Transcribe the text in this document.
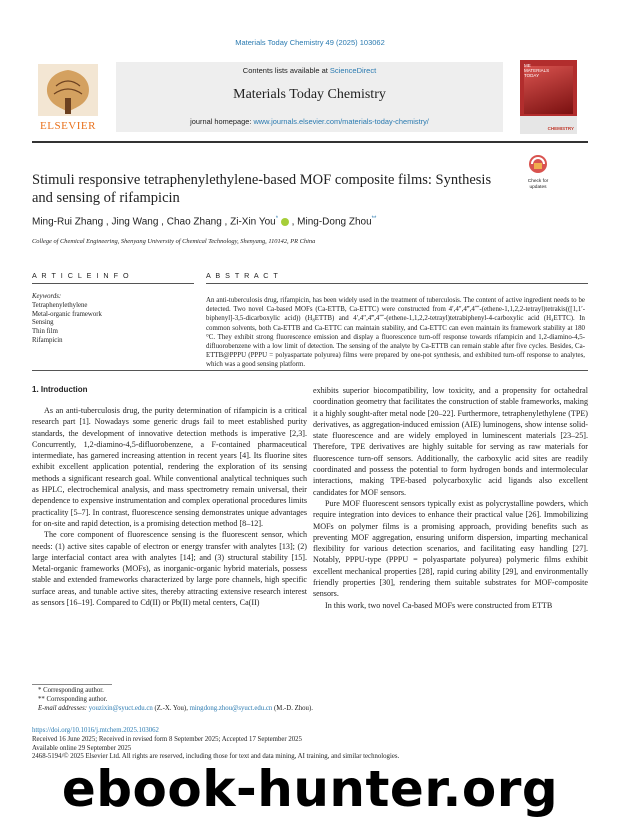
Materials Today Chemistry 49 (2025) 103062
ELSEVIER
Contents lists available at ScienceDirect
Materials Today Chemistry
journal homepage: www.journals.elsevier.com/materials-today-chemistry/
ME
MATERIALS
TODAY
CHEMISTRY
Check for
updates
Stimuli responsive tetraphenylethylene-based MOF composite films: Synthesis and sensing of rifampicin
Ming-Rui Zhang , Jing Wang , Chao Zhang , Zi-Xin You*  , Ming-Dong Zhou**
College of Chemical Engineering, Shenyang University of Chemical Technology, Shenyang, 110142, PR China
A R T I C L E I N F O
Keywords:
Tetraphenylethylene
Metal-organic framework
Sensing
Thin film
Rifampicin
A B S T R A C T
An anti-tuberculosis drug, rifampicin, has been widely used in the treatment of tuberculosis. The content of active ingredient needs to be detected. Two novel Ca-based MOFs (Ca-ETTB, Ca-ETTC) were constructed from 4′,4″,4‴,4⁗-(ethene-1,1,2,2-tetrayl)tetrakis(([1,1′-biphenyl]-3,5-dicarboxylic acid)) (H₈ETTB) and 4′,4″,4‴,4⁗-(ethene-1,1,2,2-tetrayl)tetrabiphenyl-4-carboxylic acid (H₄ETTC). In common solvents, both Ca-ETTB and Ca-ETTC can maintain stability, and Ca-ETTC can even maintain its framework stability at 180 °C. They exhibit strong fluorescence emission and display a fluorescence turn-off response towards rifampicin and 1,2-diamino-4,5-difluorobenzene with a low limit of detection. The sensing of the analyte by Ca-ETTB can remain stable after five cycles. Besides, Ca-ETTB@PPPU (PPPU = polyaspartate polyurea) films were prepared by one-pot synthesis, and exhibited turn-off response to analytes, which was a good sensing platform.
1. Introduction

As an anti-tuberculosis drug, the purity determination of rifampicin is a critical research part [1]. Nowadays some generic drugs fail to meet established purity standards, the development of innovative detection methods is imperative [2,3]. Concurrently, 1,2-diamino-4,5-difluorobenzene, a F-contained pharmaceutical intermediate, has garnered increasing attention in recent years [4]. Its fluorine sites exhibit excellent application potential, rendering the exploration of its sensing methods a significant research goal. While conventional analytical techniques such as HPLC, electrochemical analysis, and mass spectrometry remain universal, their dependence to expensive instrumentation and complex operational procedures limits practicality [5–7]. In contrast, fluorescence sensing demonstrates unique advantages for on-site and rapid detection, is a promising detection method [8–12].

The core component of fluorescence sensing is the fluorescent sensor, which needs: (1) active sites capable of electron or energy transfer with analytes [13]; (2) large interfacial contact area with analytes [14]; and (3) structural stability [15]. Metal-organic frameworks (MOFs), as inorganic-organic hybrid materials, possess stable and extended frameworks characterized by large pore channels, high specific surface areas, and tunable active sites, thereby attracting extensive research interest as sensors [16–19]. Compared to Cd(II) or Pb(II) metal centers, Ca(II)

exhibits superior biocompatibility, low toxicity, and a propensity for octahedral coordination geometry that facilitates the construction of stable frameworks, making it a highly sought-after metal node [20–22]. Furthermore, tetraphenylethylene (TPE) derivatives, as aggregation-induced emission (AIE) luminogens, show intense solid-state fluorescence and are widely employed in luminescent materials [23–25]. Therefore, TPE derivatives are highly suitable for serving as raw materials for fluorescence turn-off sensors. Additionally, the carboxylic acid sites are readily coordinated and possess the potential to form hydrogen bonds and intermolecular interactions, making TPE-based polycarboxylic acid ligands also excellent candidates for MOF sensors.

Pure MOF fluorescent sensors typically exist as polycrystalline powders, which require integration into devices to enhance their practical value [26]. Immobilizing MOFs on polymer films is a promising approach, providing benefits such as preventing MOF aggregation, ensuring uniform dispersion, imparting mechanical flexibility for various detection scenarios, and facilitating easy handling [27]. Notably, PPPU-type (PPPU = polyaspartate polyurea) polymeric films exhibit excellent mechanical properties [28], rapid curing ability [29], and environmentally friendly properties [30], rendering them suitable substrates for MOF-composite sensors.

In this work, two novel Ca-based MOFs were constructed from ETTB

* Corresponding author.
** Corresponding author.
E-mail addresses: youzixin@syuct.edu.cn (Z.-X. You), mingdong.zhou@syuct.edu.cn (M.-D. Zhou).
https://doi.org/10.1016/j.mtchem.2025.103062
Received 16 June 2025; Received in revised form 8 September 2025; Accepted 17 September 2025
Available online 29 September 2025
2468-5194/© 2025 Elsevier Ltd. All rights are reserved, including those for text and data mining, AI training, and similar technologies.
ebook-hunter.org
